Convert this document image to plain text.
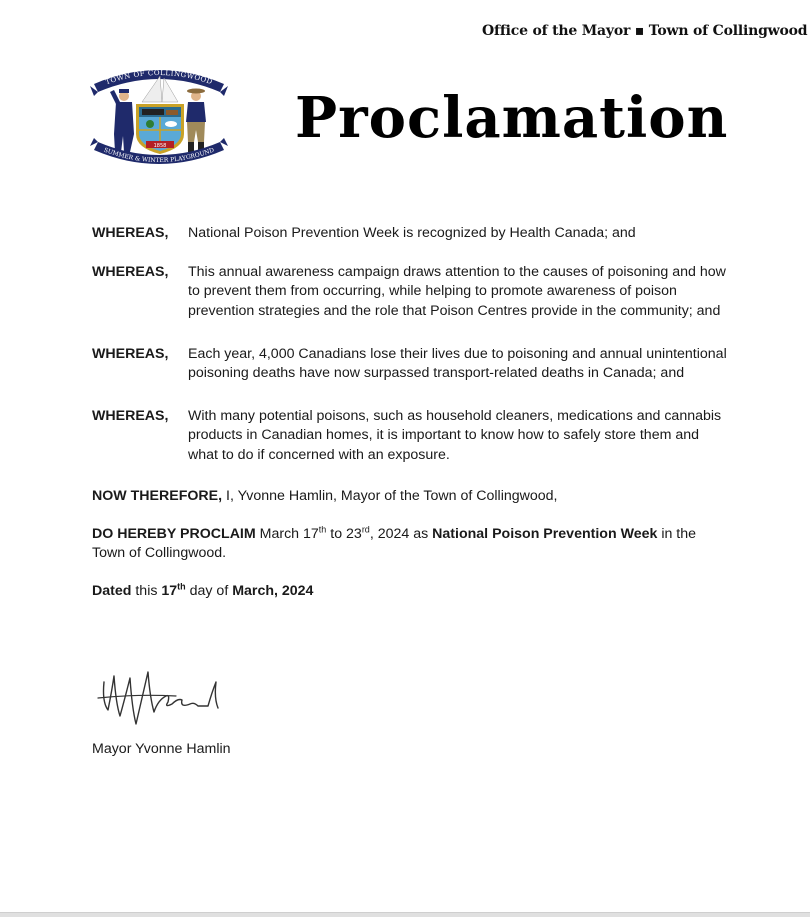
Office of the Mayor ▪ Town of Collingwood
TOWN OF COLLINGWOOD
1858
SUMMER & WINTER PLAYGROUND Proclamation
WHEREAS,	National Poison Prevention Week is recognized by Health Canada; and
WHEREAS,	This annual awareness campaign draws attention to the causes of poisoning and how to prevent them from occurring, while helping to promote awareness of poison prevention strategies and the role that Poison Centres provide in the community; and
WHEREAS,	Each year, 4,000 Canadians lose their lives due to poisoning and annual unintentional poisoning deaths have now surpassed transport-related deaths in Canada; and
WHEREAS,	With many potential poisons, such as household cleaners, medications and cannabis products in Canadian homes, it is important to know how to safely store them and what to do if concerned with an exposure.

NOW THEREFORE, I, Yvonne Hamlin, Mayor of the Town of Collingwood,

DO HEREBY PROCLAIM March 17th to 23rd, 2024 as National Poison Prevention Week in the Town of Collingwood.

Dated this 17th day of March, 2024

Mayor Yvonne Hamlin
